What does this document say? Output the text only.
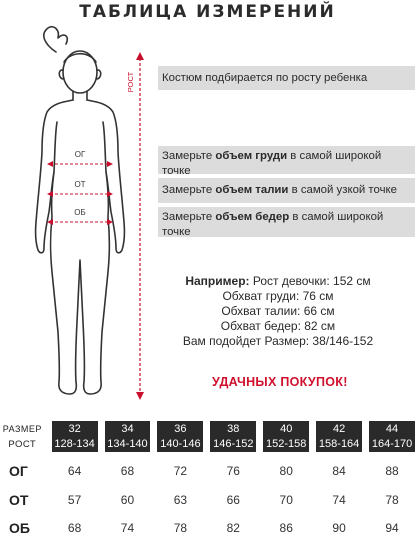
ТАБЛИЦА ИЗМЕРЕНИЙ
РОСТ
ОГ
ОТ
ОБ
Костюм подбирается по росту ребенка
Замерьте объем груди в самой широкой точке
Замерьте объем талии в самой узкой точке
Замерьте объем бедер в самой широкой точке
Например: Рост девочки: 152 см
Обхват груди: 76 см
Обхват талии: 66 см
Обхват бедер: 82 см
Вам подойдет Размер: 38/146-152
УДАЧНЫХ ПОКУПОК!
РАЗМЕР		32		34		36		38		40		42		44
РОСТ		128-134		134-140		140-146		146-152		152-158		158-164		164-170
ОГ		64		68		72		76		80		84		88
ОТ		57		60		63		66		70		74		78
ОБ		68		74		78		82		86		90		94
